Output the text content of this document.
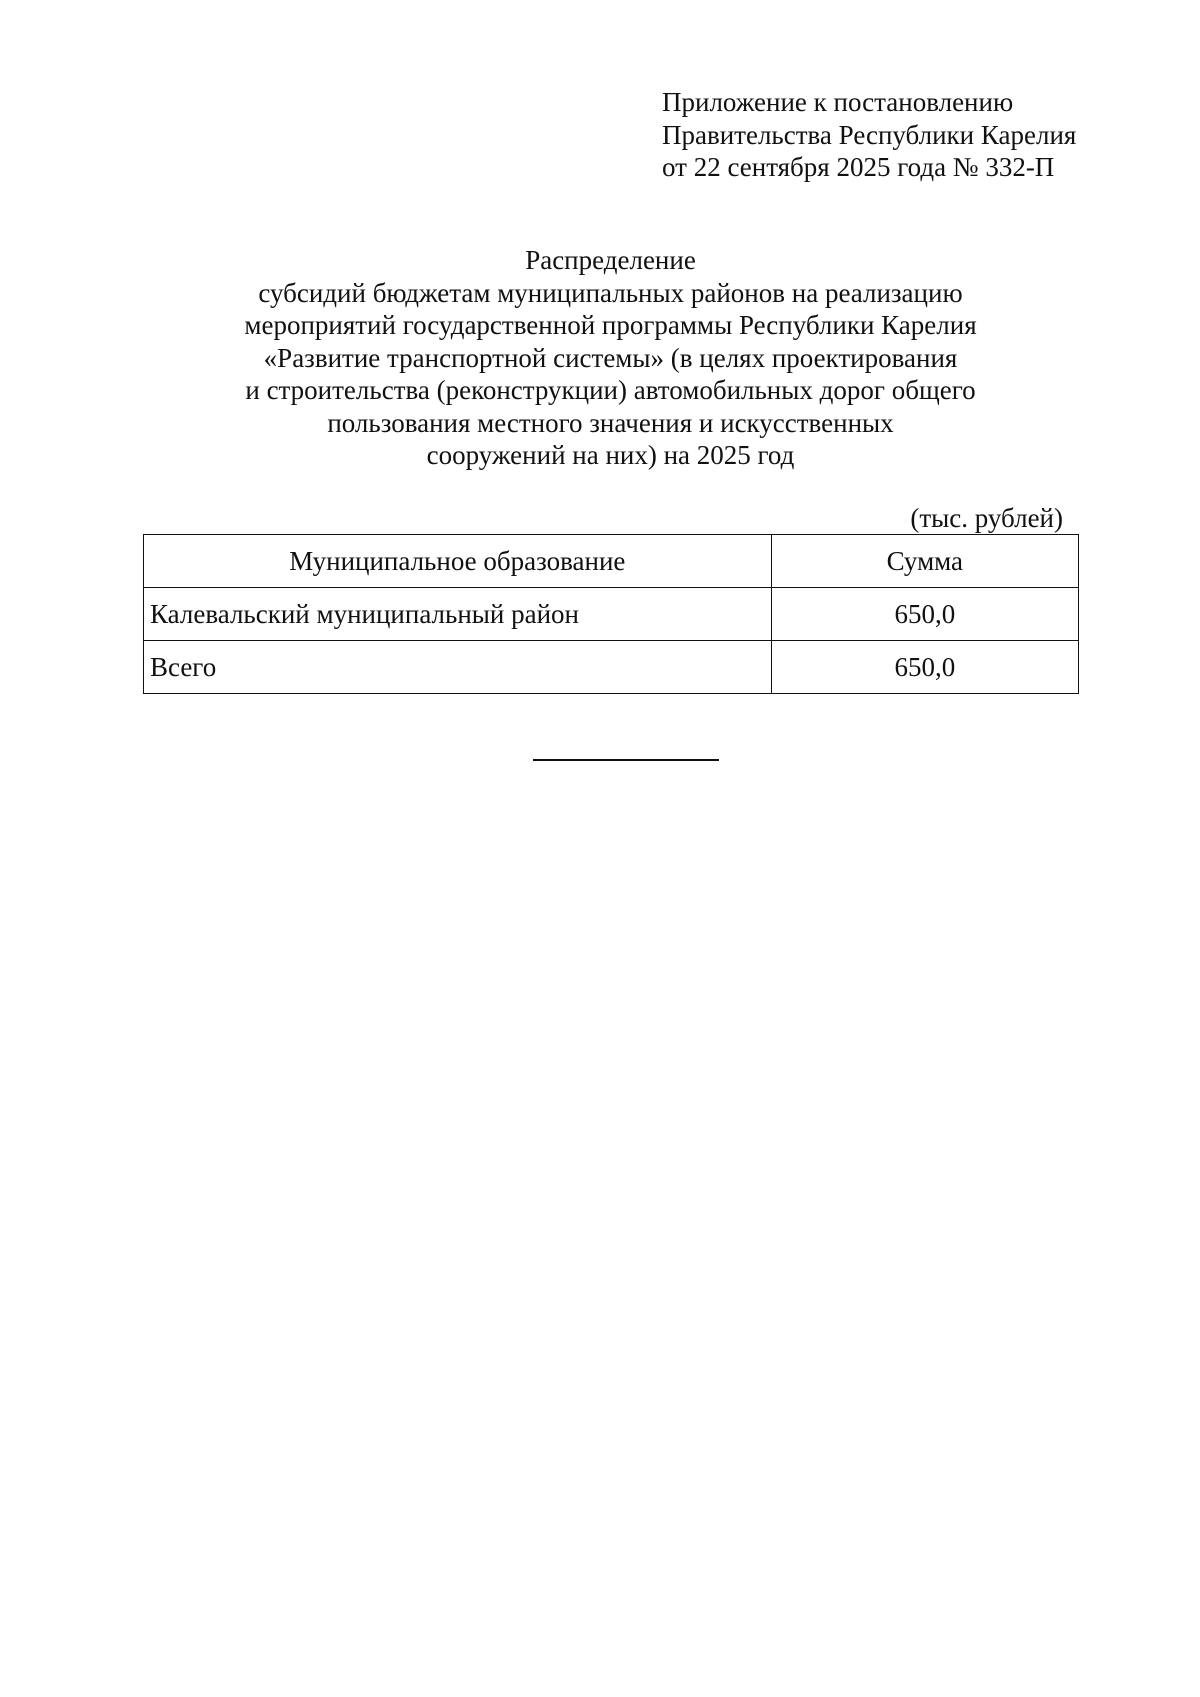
Приложение к постановлению
Правительства Республики Карелия
от 22 сентября 2025 года № 332-П
Распределение
субсидий бюджетам муниципальных районов на реализацию
мероприятий государственной программы Республики Карелия
«Развитие транспортной системы» (в целях проектирования
и строительства (реконструкции) автомобильных дорог общего
пользования местного значения и искусственных
сооружений на них) на 2025 год
(тыс. рублей)
Муниципальное образование	Сумма
Калевальский муниципальный район	650,0
Всего	650,0
